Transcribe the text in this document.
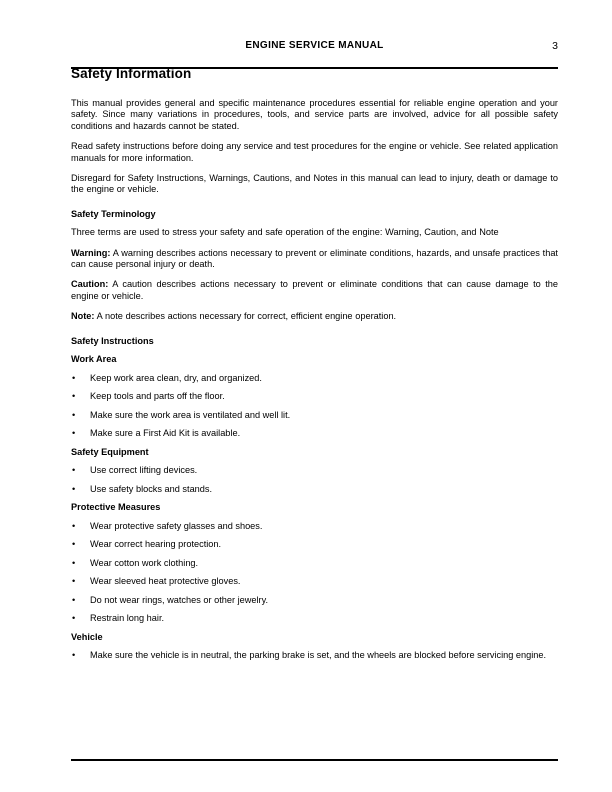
ENGINE SERVICE MANUAL	3
Safety Information

This manual provides general and specific maintenance procedures essential for reliable engine operation and your safety. Since many variations in procedures, tools, and service parts are involved, advice for all possible safety conditions and hazards cannot be stated.

Read safety instructions before doing any service and test procedures for the engine or vehicle. See related application manuals for more information.

Disregard for Safety Instructions, Warnings, Cautions, and Notes in this manual can lead to injury, death or damage to the engine or vehicle.

Safety Terminology

Three terms are used to stress your safety and safe operation of the engine: Warning, Caution, and Note

Warning: A warning describes actions necessary to prevent or eliminate conditions, hazards, and unsafe practices that can cause personal injury or death.

Caution: A caution describes actions necessary to prevent or eliminate conditions that can cause damage to the engine or vehicle.

Note: A note describes actions necessary for correct, efficient engine operation.

Safety Instructions
Work Area
•	Keep work area clean, dry, and organized.
•	Keep tools and parts off the floor.
•	Make sure the work area is ventilated and well lit.
•	Make sure a First Aid Kit is available.
Safety Equipment
•	Use correct lifting devices.
•	Use safety blocks and stands.
Protective Measures
•	Wear protective safety glasses and shoes.
•	Wear correct hearing protection.
•	Wear cotton work clothing.
•	Wear sleeved heat protective gloves.
•	Do not wear rings, watches or other jewelry.
•	Restrain long hair.
Vehicle
•	Make sure the vehicle is in neutral, the parking brake is set, and the wheels are blocked before servicing engine.
